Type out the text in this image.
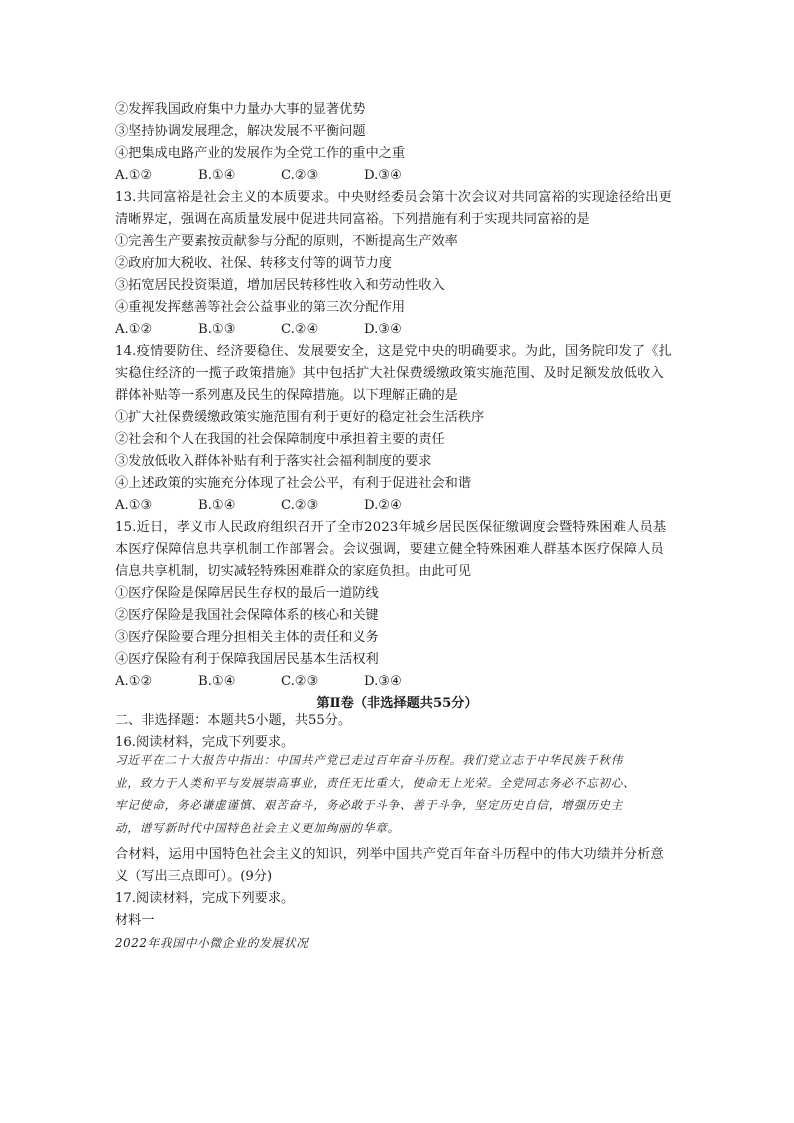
②发挥我国政府集中力量办大事的显著优势
③坚持协调发展理念，解决发展不平衡问题
④把集成电路产业的发展作为全党工作的重中之重
A.①②	B.①④	C.②③	D.③④
13.共同富裕是社会主义的本质要求。中央财经委员会第十次会议对共同富裕的实现途径给出更
清晰界定，强调在高质量发展中促进共同富裕。下列措施有利于实现共同富裕的是
①完善生产要素按贡献参与分配的原则，不断提高生产效率
②政府加大税收、社保、转移支付等的调节力度
③拓宽居民投资渠道，增加居民转移性收入和劳动性收入
④重视发挥慈善等社会公益事业的第三次分配作用
A.①②	B.①③	C.②④	D.③④
14.疫情要防住、经济要稳住、发展要安全，这是党中央的明确要求。为此，国务院印发了《扎
实稳住经济的一揽子政策措施》其中包括扩大社保费缓缴政策实施范围、及时足额发放低收入
群体补贴等一系列惠及民生的保障措施。以下理解正确的是
①扩大社保费缓缴政策实施范围有利于更好的稳定社会生活秩序
②社会和个人在我国的社会保障制度中承担着主要的责任
③发放低收入群体补贴有利于落实社会福利制度的要求
④上述政策的实施充分体现了社会公平，有利于促进社会和谐
A.①③	B.①④	C.②③	D.②④
15.近日，孝义市人民政府组织召开了全市2023年城乡居民医保征缴调度会暨特殊困难人员基
本医疗保障信息共享机制工作部署会。会议强调，要建立健全特殊困难人群基本医疗保障人员
信息共享机制，切实减轻特殊困难群众的家庭负担。由此可见
①医疗保险是保障居民生存权的最后一道防线
②医疗保险是我国社会保障体系的核心和关键
③医疗保险要合理分担相关主体的责任和义务
④医疗保险有利于保障我国居民基本生活权利
A.①②	B.①④	C.②③	D.③④
第Ⅱ卷（非选择题共55分）
二、非选择题：本题共5小题，共55分。
16.阅读材料，完成下列要求。
习近平在二十大报告中指出：中国共产党已走过百年奋斗历程。我们党立志于中华民族千秋伟
业，致力于人类和平与发展崇高事业，责任无比重大，使命无上光荣。全党同志务必不忘初心、
牢记使命，务必谦虚谨慎、艰苦奋斗，务必敢于斗争、善于斗争，坚定历史自信，增强历史主
动，谱写新时代中国特色社会主义更加绚丽的华章。
合材料，运用中国特色社会主义的知识，列举中国共产党百年奋斗历程中的伟大功绩并分析意
义（写出三点即可）。(9分)
17.阅读材料，完成下列要求。
材料一
2022年我国中小微企业的发展状况
